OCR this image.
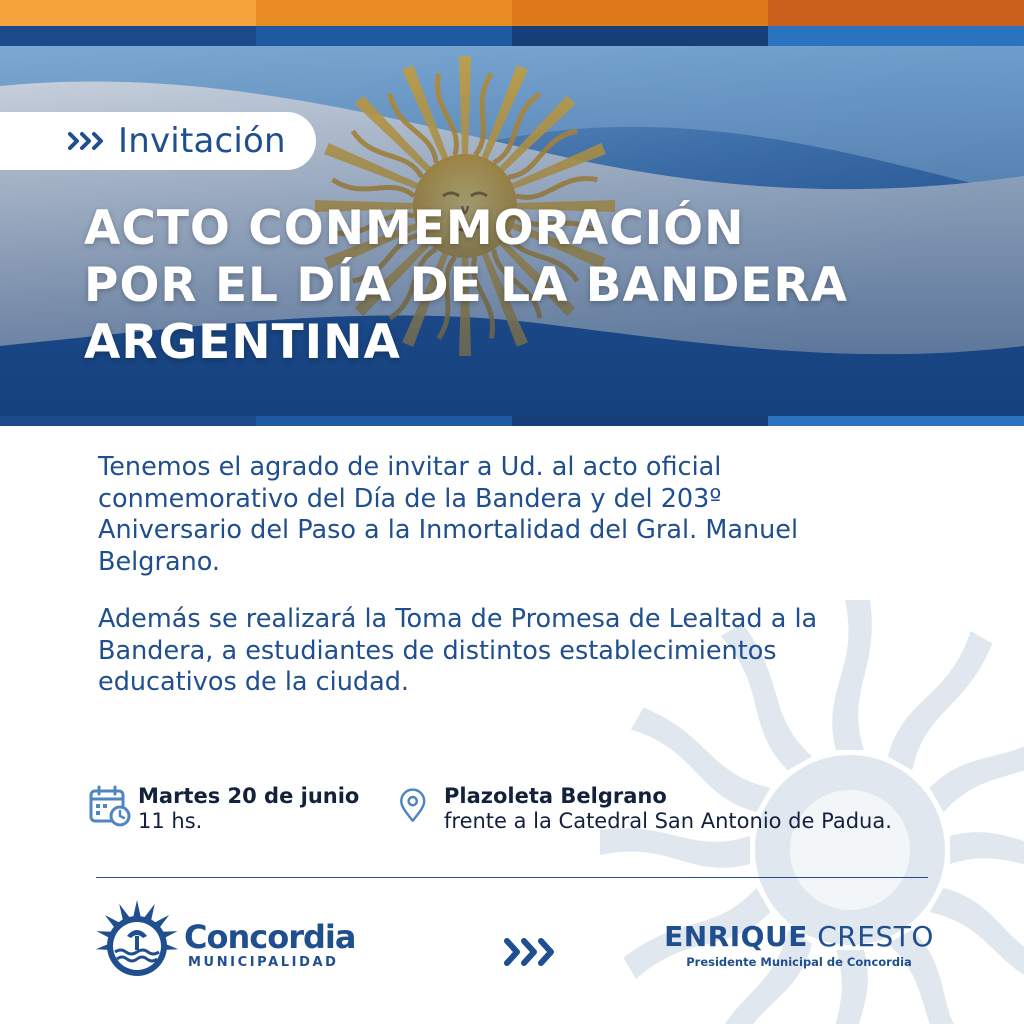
Invitación
ACTO CONMEMORACIÓN
POR EL DÍA DE LA BANDERA
ARGENTINA
Tenemos el agrado de invitar a Ud. al acto oficial
conmemorativo del Día de la Bandera y del 203º
Aniversario del Paso a la Inmortalidad del Gral. Manuel
Belgrano.
Además se realizará la Toma de Promesa de Lealtad a la
Bandera, a estudiantes de distintos establecimientos
educativos de la ciudad.
Martes 20 de junio
11 hs.
Plazoleta Belgrano
frente a la Catedral San Antonio de Padua.
Concordia
MUNICIPALIDAD
ENRIQUE CRESTO
Presidente Municipal de Concordia
